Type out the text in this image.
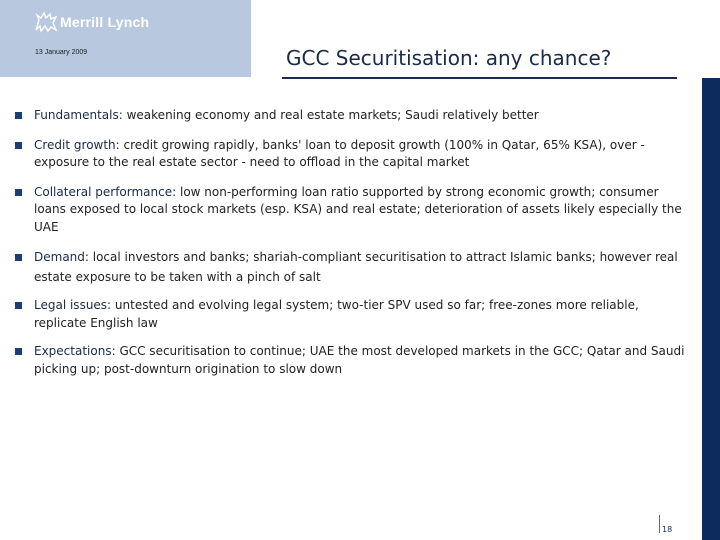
Merrill Lynch
13 January 2009	GCC Securitisation: any chance?
Fundamentals: weakening economy and real estate markets; Saudi relatively better
Credit growth: credit growing rapidly, banks' loan to deposit growth (100% in Qatar, 65% KSA), over -exposure to the real estate sector - need to offload in the capital market
Collateral performance: low non-performing loan ratio supported by strong economic growth; consumer loans exposed to local stock markets (esp. KSA) and real estate; deterioration of assets likely especially the UAE
Demand: local investors and banks; shariah-compliant securitisation to attract Islamic banks; however real estate exposure to be taken with a pinch of salt
Legal issues: untested and evolving legal system; two-tier SPV used so far; free-zones more reliable, replicate English law
Expectations: GCC securitisation to continue; UAE the most developed markets in the GCC; Qatar and Saudi picking up; post-downturn origination to slow down
18
